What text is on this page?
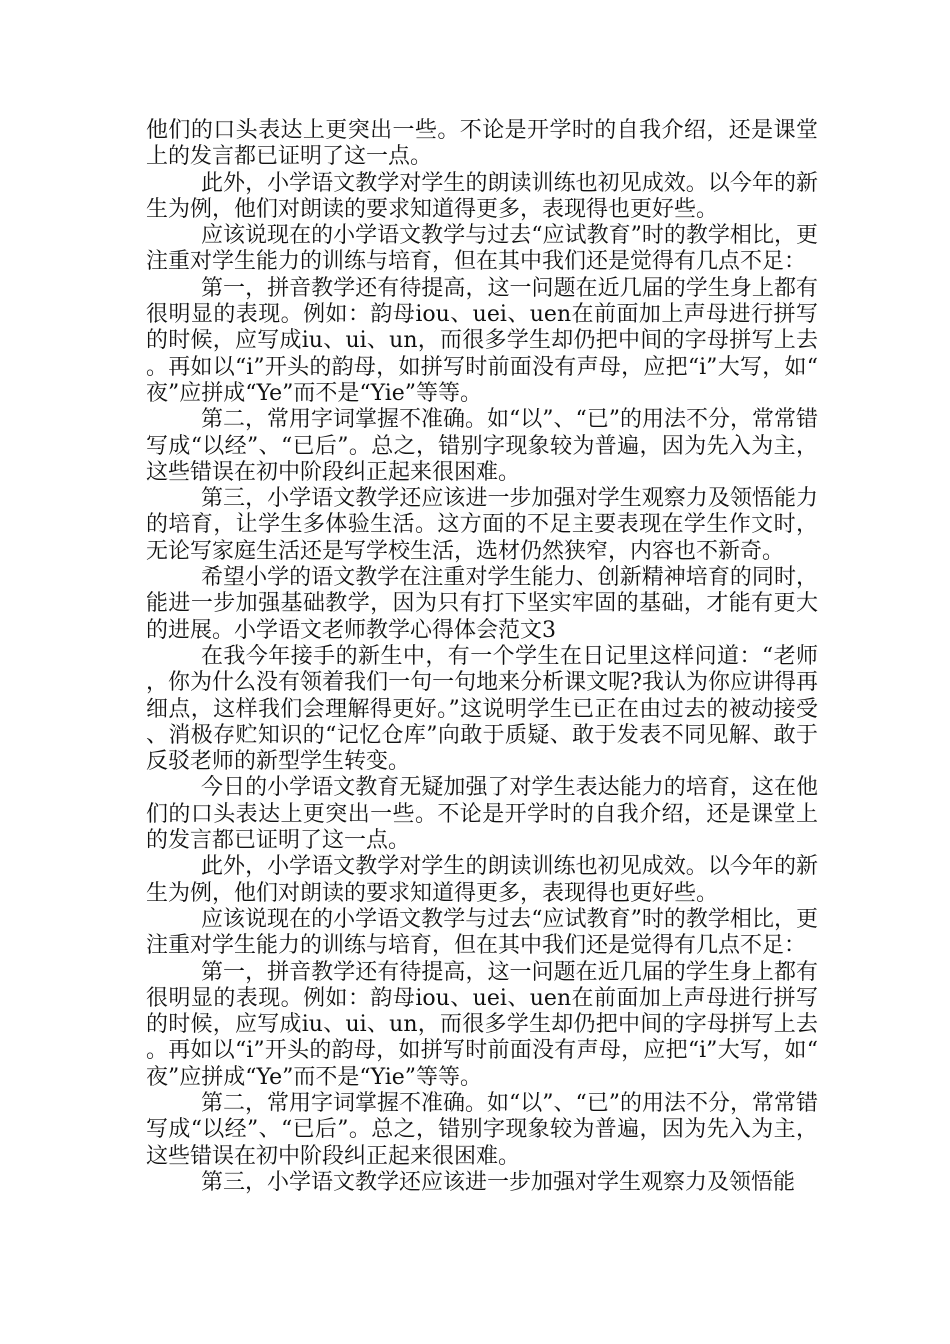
他们的口头表达上更突出一些。不论是开学时的自我介绍，还是课堂上的发言都已证明了这一点。

此外，小学语文教学对学生的朗读训练也初见成效。以今年的新生为例，他们对朗读的要求知道得更多，表现得也更好些。

应该说现在的小学语文教学与过去“应试教育”时的教学相比，更注重对学生能力的训练与培育，但在其中我们还是觉得有几点不足：

第一，拼音教学还有待提高，这一问题在近几届的学生身上都有很明显的表现。例如：韵母iou、uei、uen在前面加上声母进行拼写的时候，应写成iu、ui、un，而很多学生却仍把中间的字母拼写上去。再如以“i”开头的韵母，如拼写时前面没有声母，应把“i”大写，如“夜”应拼成“Ye”而不是“Yie”等等。

第二，常用字词掌握不准确。如“以”、“已”的用法不分，常常错写成“以经”、“已后”。总之，错别字现象较为普遍，因为先入为主，这些错误在初中阶段纠正起来很困难。

第三，小学语文教学还应该进一步加强对学生观察力及领悟能力的培育，让学生多体验生活。这方面的不足主要表现在学生作文时，无论写家庭生活还是写学校生活，选材仍然狭窄，内容也不新奇。

希望小学的语文教学在注重对学生能力、创新精神培育的同时，能进一步加强基础教学，因为只有打下坚实牢固的基础，才能有更大的进展。小学语文老师教学心得体会范文3

在我今年接手的新生中，有一个学生在日记里这样问道：“老师，你为什么没有领着我们一句一句地来分析课文呢?我认为你应讲得再细点，这样我们会理解得更好。”这说明学生已正在由过去的被动接受、消极存贮知识的“记忆仓库”向敢于质疑、敢于发表不同见解、敢于反驳老师的新型学生转变。

今日的小学语文教育无疑加强了对学生表达能力的培育，这在他们的口头表达上更突出一些。不论是开学时的自我介绍，还是课堂上的发言都已证明了这一点。

此外，小学语文教学对学生的朗读训练也初见成效。以今年的新生为例，他们对朗读的要求知道得更多，表现得也更好些。

应该说现在的小学语文教学与过去“应试教育”时的教学相比，更注重对学生能力的训练与培育，但在其中我们还是觉得有几点不足：

第一，拼音教学还有待提高，这一问题在近几届的学生身上都有很明显的表现。例如：韵母iou、uei、uen在前面加上声母进行拼写的时候，应写成iu、ui、un，而很多学生却仍把中间的字母拼写上去。再如以“i”开头的韵母，如拼写时前面没有声母，应把“i”大写，如“夜”应拼成“Ye”而不是“Yie”等等。

第二，常用字词掌握不准确。如“以”、“已”的用法不分，常常错写成“以经”、“已后”。总之，错别字现象较为普遍，因为先入为主，这些错误在初中阶段纠正起来很困难。

第三，小学语文教学还应该进一步加强对学生观察力及领悟能
